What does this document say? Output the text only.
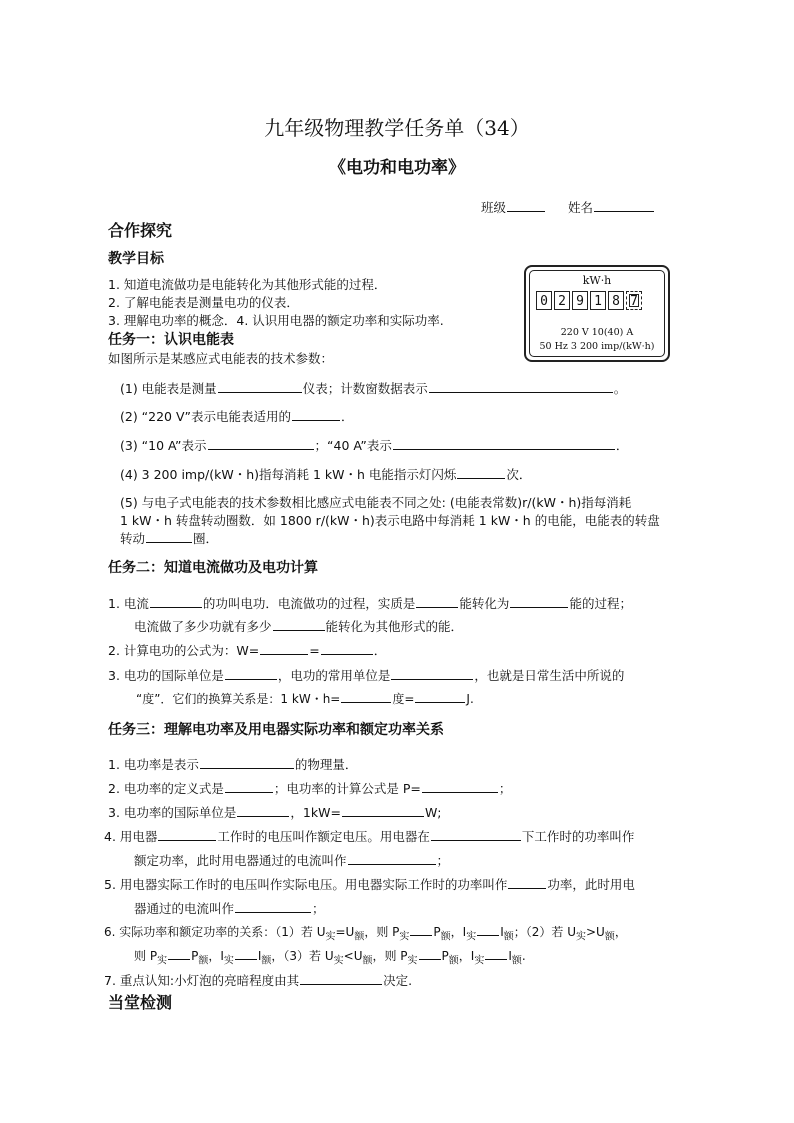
九年级物理教学任务单（34）
《电功和电功率》
班级	姓名
合作探究
教学目标
1. 知道电流做功是电能转化为其他形式能的过程．
2. 了解电能表是测量电功的仪表．
3. 理解电功率的概念．4. 认识用电器的额定功率和实际功率.
kW·h
0 2 9 1 8 7
220 V 10(40) A
50 Hz 3 200 imp/(kW·h)
任务一：认识电能表
如图所示是某感应式电能表的技术参数：
(1) 电能表是测量	仪表；计数窗数据表示	。
(2) “220 V”表示电能表适用的	．
(3) “10 A”表示	；“40 A”表示	．
(4) 3 200 imp/(kW・h)指每消耗 1 kW・h 电能指示灯闪烁	次．
(5) 与电子式电能表的技术参数相比感应式电能表不同之处: (电能表常数)r/(kW・h)指每消耗
1 kW・h 转盘转动圈数．如 1800 r/(kW・h)表示电路中每消耗 1 kW・h 的电能，电能表的转盘
转动	圈．
任务二：知道电流做功及电功计算
1. 电流	的功叫电功．电流做功的过程，实质是	能转化为	能的过程；
电流做了多少功就有多少	能转化为其他形式的能．
2. 计算电功的公式为：W=	=	．
3. 电功的国际单位是	，电功的常用单位是	，也就是日常生活中所说的
“度”．它们的换算关系是：1 kW・h=	度=	J.
任务三：理解电功率及用电器实际功率和额定功率关系
1. 电功率是表示	的物理量．
2. 电功率的定义式是	；电功率的计算公式是 P=	；
3. 电功率的国际单位是	，1kW=	W;
4. 用电器	工作时的电压叫作额定电压。用电器在	下工作时的功率叫作
额定功率，此时用电器通过的电流叫作	；
5. 用电器实际工作时的电压叫作实际电压。用电器实际工作时的功率叫作	功率，此时用电
器通过的电流叫作	；
6. 实际功率和额定功率的关系：（1）若 $U_实=U_额$，则 $P_实$ $P_额$，$I_实$ $I_额$；（2）若 $U_实>U_额$，
则 $P_实$ $P_额$，$I_实$ $I_额$，（3）若 $U_实<U_额$，则 $P_实$ $P_额$，$I_实$ $I_额$.
7. 重点认知:小灯泡的亮暗程度由其	决定.
当堂检测
